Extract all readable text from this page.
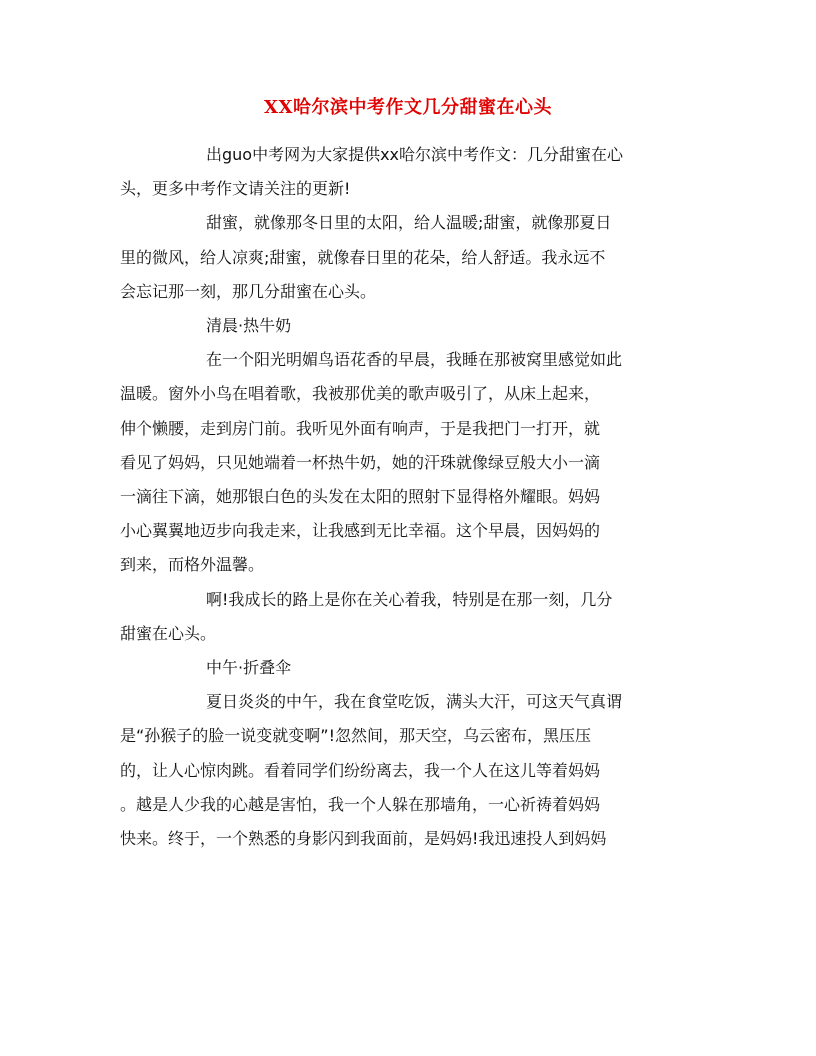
XX哈尔滨中考作文几分甜蜜在心头
出guo中考网为大家提供xx哈尔滨中考作文：几分甜蜜在心
头，更多中考作文请关注的更新!
甜蜜，就像那冬日里的太阳，给人温暖;甜蜜，就像那夏日
里的微风，给人凉爽;甜蜜，就像春日里的花朵，给人舒适。我永远不
会忘记那一刻，那几分甜蜜在心头。
清晨·热牛奶
在一个阳光明媚鸟语花香的早晨，我睡在那被窝里感觉如此
温暖。窗外小鸟在唱着歌，我被那优美的歌声吸引了，从床上起来，
伸个懒腰，走到房门前。我听见外面有响声，于是我把门一打开，就
看见了妈妈，只见她端着一杯热牛奶，她的汗珠就像绿豆般大小一滴
一滴往下滴，她那银白色的头发在太阳的照射下显得格外耀眼。妈妈
小心翼翼地迈步向我走来，让我感到无比幸福。这个早晨，因妈妈的
到来，而格外温馨。
啊!我成长的路上是你在关心着我，特别是在那一刻，几分
甜蜜在心头。
中午·折叠伞
夏日炎炎的中午，我在食堂吃饭，满头大汗，可这天气真谓
是“孙猴子的脸一说变就变啊”!忽然间，那天空，乌云密布，黑压压
的，让人心惊肉跳。看着同学们纷纷离去，我一个人在这儿等着妈妈
。越是人少我的心越是害怕，我一个人躲在那墙角，一心祈祷着妈妈
快来。终于，一个熟悉的身影闪到我面前，是妈妈!我迅速投人到妈妈
